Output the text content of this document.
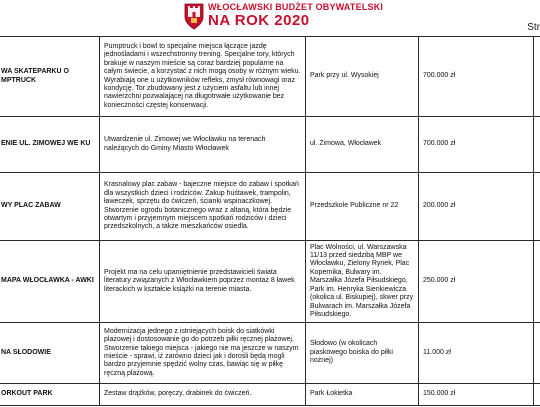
WŁOCŁAWSKI BUDŻET OBYWATELSKI
NA ROK 2020	Str
WA SKATEPARKU O MPTRUCK	Pumptruck i bowl to specjalne miejsca łączące jazdę jednośladami i wszechstronny trening. Specjalne tory, których brakuje w naszym mieście są coraz bardziej popularne na całym świecie, a korzystać z nich mogą osoby w różnym wieku. Wyrabiają one u użytkowników refleks, zmysł równowagi oraz kondycję. Tor zbudowany jest z użyciem asfaltu lub innej nawierzchni pozwalającej na długotrwałe użytkowanie bez konieczności częstej konserwacji.	Park przy ul. Wysokiej	700.000 zł	
ENIE UL. ZIMOWEJ WE KU	Utwardzenie ul. Zimowej we Włocławku na terenach należących do Gminy Miasto Włocławek	ul. Zimowa, Włocławek	700.000 zł	
WY PLAC ZABAW	Krasnalowy plac zabaw - bajeczne miejsce do zabaw i spotkań dla wszystkich dzieci i rodziców. Zakup huśtawek, trampolin, ławeczek, sprzętu do ćwiczeń, ścianki wspinaczkowej. Stworzenie ogrodu botanicznego wraz z altaną, która będzie otwartym i przyjemnym miejscem spotkań rodziców i dzieci przedszkolnych, a także mieszkańców osiedla.	Przedszkole Publiczne nr 22	200.000 zł	
MAPA WŁOCŁAWKA - AWKI	Projekt ma na celu upamiętnienie przedstawicieli świata literatury związanych z Włocławkiem poprzez montaż 8 ławek literackich w kształcie książki na terenie miasta.	Plac Wolności, ul. Warszawska 11/13 przed siedzibą MBP we Włocławku, Zielony Rynek, Plac Kopernika, Bulwary im. Marszałka Józefa Piłsudskiego, Park im. Henryka Sienkiewicza (okolica ul. Biskupiej), skwer przy Bulwarach im. Marszałka Józefa Piłsudskiego.	250.000 zł	
NA SŁODOWIE	Modernizacja jednego z istniejących boisk do siatkówki plażowej i dostosowanie go do potrzeb piłki ręcznej plażowej. Stworzenie takiego miejsca - jakiego nie ma jeszcze w naszym mieście - sprawi, iż zarówno dzieci jak i dorośli będą mogli bardzo przyjemnie spędzić wolny czas, bawiąc się w piłkę ręczną plażową.	Słodowo (w okolicach piaskowego boiska do piłki nożnej)	11.000 zł	
ORKOUT PARK	Zestaw drążków, poręczy, drabinek do ćwiczeń.	Park Łokietka	150.000 zł	
